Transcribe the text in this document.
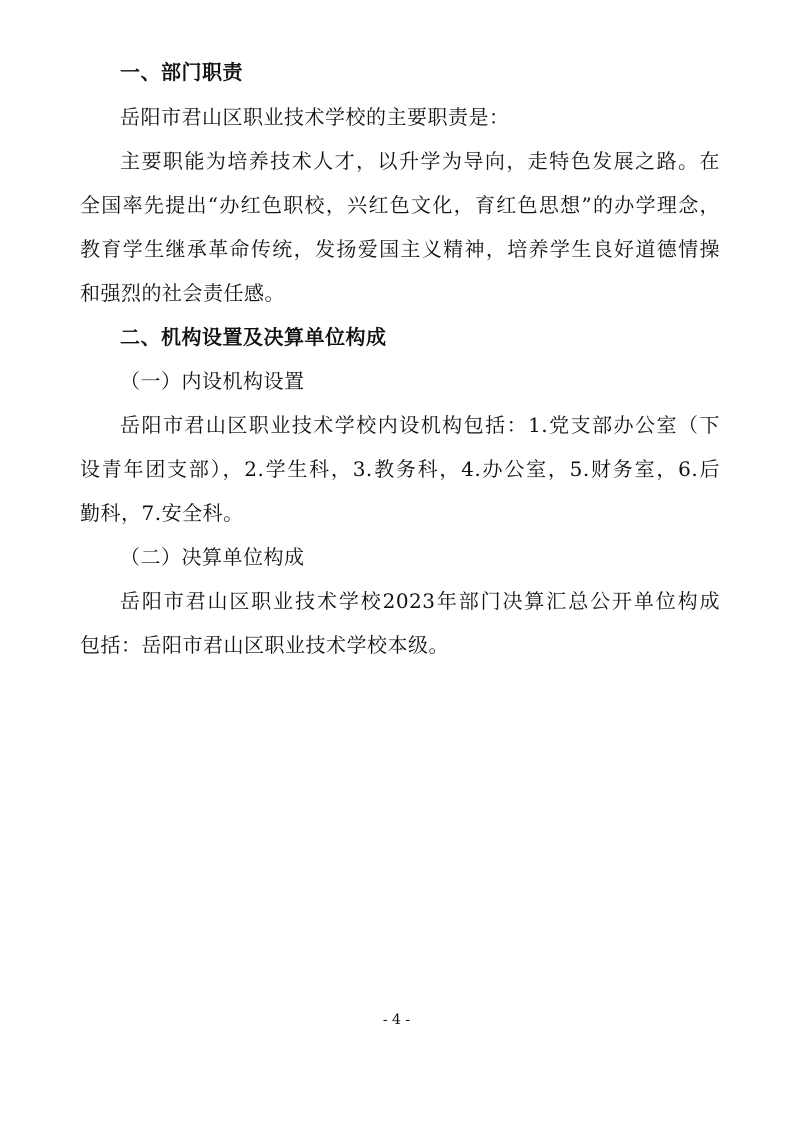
一、部门职责
岳阳市君山区职业技术学校的主要职责是：
主要职能为培养技术人才，以升学为导向，走特色发展之路。在
全国率先提出“办红色职校，兴红色文化，育红色思想”的办学理念，
教育学生继承革命传统，发扬爱国主义精神，培养学生良好道德情操
和强烈的社会责任感。
二、机构设置及决算单位构成
（一）内设机构设置
岳阳市君山区职业技术学校内设机构包括：1.党支部办公室（下
设青年团支部），2.学生科，3.教务科，4.办公室，5.财务室，6.后
勤科，7.安全科。
（二）决算单位构成
岳阳市君山区职业技术学校2023年部门决算汇总公开单位构成
包括：岳阳市君山区职业技术学校本级。
- 4 -
